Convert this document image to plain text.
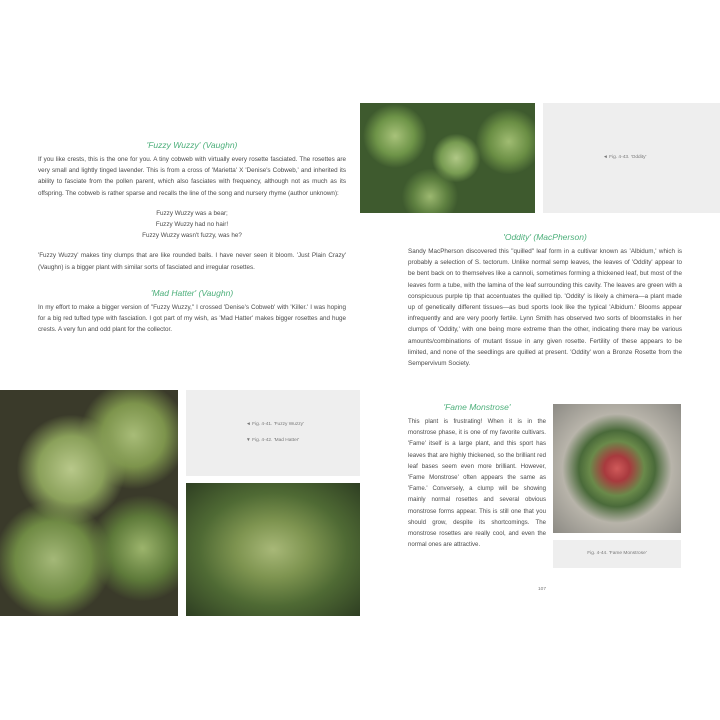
'Fuzzy Wuzzy' (Vaughn)

If you like crests, this is the one for you. A tiny cobweb with virtually every rosette fasciated. The rosettes are very small and lightly tinged lavender. This is from a cross of 'Marietta' X 'Denise's Cobweb,' and inherited its ability to fasciate from the pollen parent, which also fasciates with frequency, although not as much as its offspring. The cobweb is rather sparse and recalls the line of the song and nursery rhyme (author unknown):

Fuzzy Wuzzy was a bear;
Fuzzy Wuzzy had no hair!
Fuzzy Wuzzy wasn't fuzzy, was he?

'Fuzzy Wuzzy' makes tiny clumps that are like rounded balls. I have never seen it bloom. 'Just Plain Crazy' (Vaughn) is a bigger plant with similar sorts of fasciated and irregular rosettes.

'Mad Hatter' (Vaughn)

In my effort to make a bigger version of "Fuzzy Wuzzy," I crossed 'Denise's Cobweb' with 'Killer.' I was hoping for a big red tufted type with fasciation. I got part of my wish, as 'Mad Hatter' makes bigger rosettes and huge crests. A very fun and odd plant for the collector.

◄ Fig. 4-41. 'Fuzzy Wuzzy'
▼ Fig. 4-42. 'Mad Hatter'
◄ Fig. 4-43. 'Oddity'
'Oddity' (MacPherson)

Sandy MacPherson discovered this "quilled" leaf form in a cultivar known as 'Albidum,' which is probably a selection of S. tectorum. Unlike normal semp leaves, the leaves of 'Oddity' appear to be bent back on to themselves like a cannoli, sometimes forming a thickened leaf, but most of the leaves form a tube, with the lamina of the leaf surrounding this cavity. The leaves are green with a conspicuous purple tip that accentuates the quilled tip. 'Oddity' is likely a chimera—a plant made up of genetically different tissues—as bud sports look like the typical 'Albidum.' Blooms appear infrequently and are very poorly fertile. Lynn Smith has observed two sorts of bloomstalks in her clumps of 'Oddity,' with one being more extreme than the other, indicating there may be various amounts/combinations of mutant tissue in any given rosette. Fertility of these appears to be limited, and none of the seedlings are quilled at present. 'Oddity' won a Bronze Rosette from the Sempervivum Society.

'Fame Monstrose'

This plant is frustrating! When it is in the monstrose phase, it is one of my favorite cultivars. 'Fame' itself is a large plant, and this sport has leaves that are highly thickened, so the brilliant red leaf bases seem even more brilliant. However, 'Fame Monstrose' often appears the same as 'Fame.' Conversely, a clump will be showing mainly normal rosettes and several obvious monstrose forms appear. This is still one that you should grow, despite its shortcomings. The monstrose rosettes are really cool, and even the normal ones are attractive.

Fig. 4-44. 'Fame Monstrose'
107
